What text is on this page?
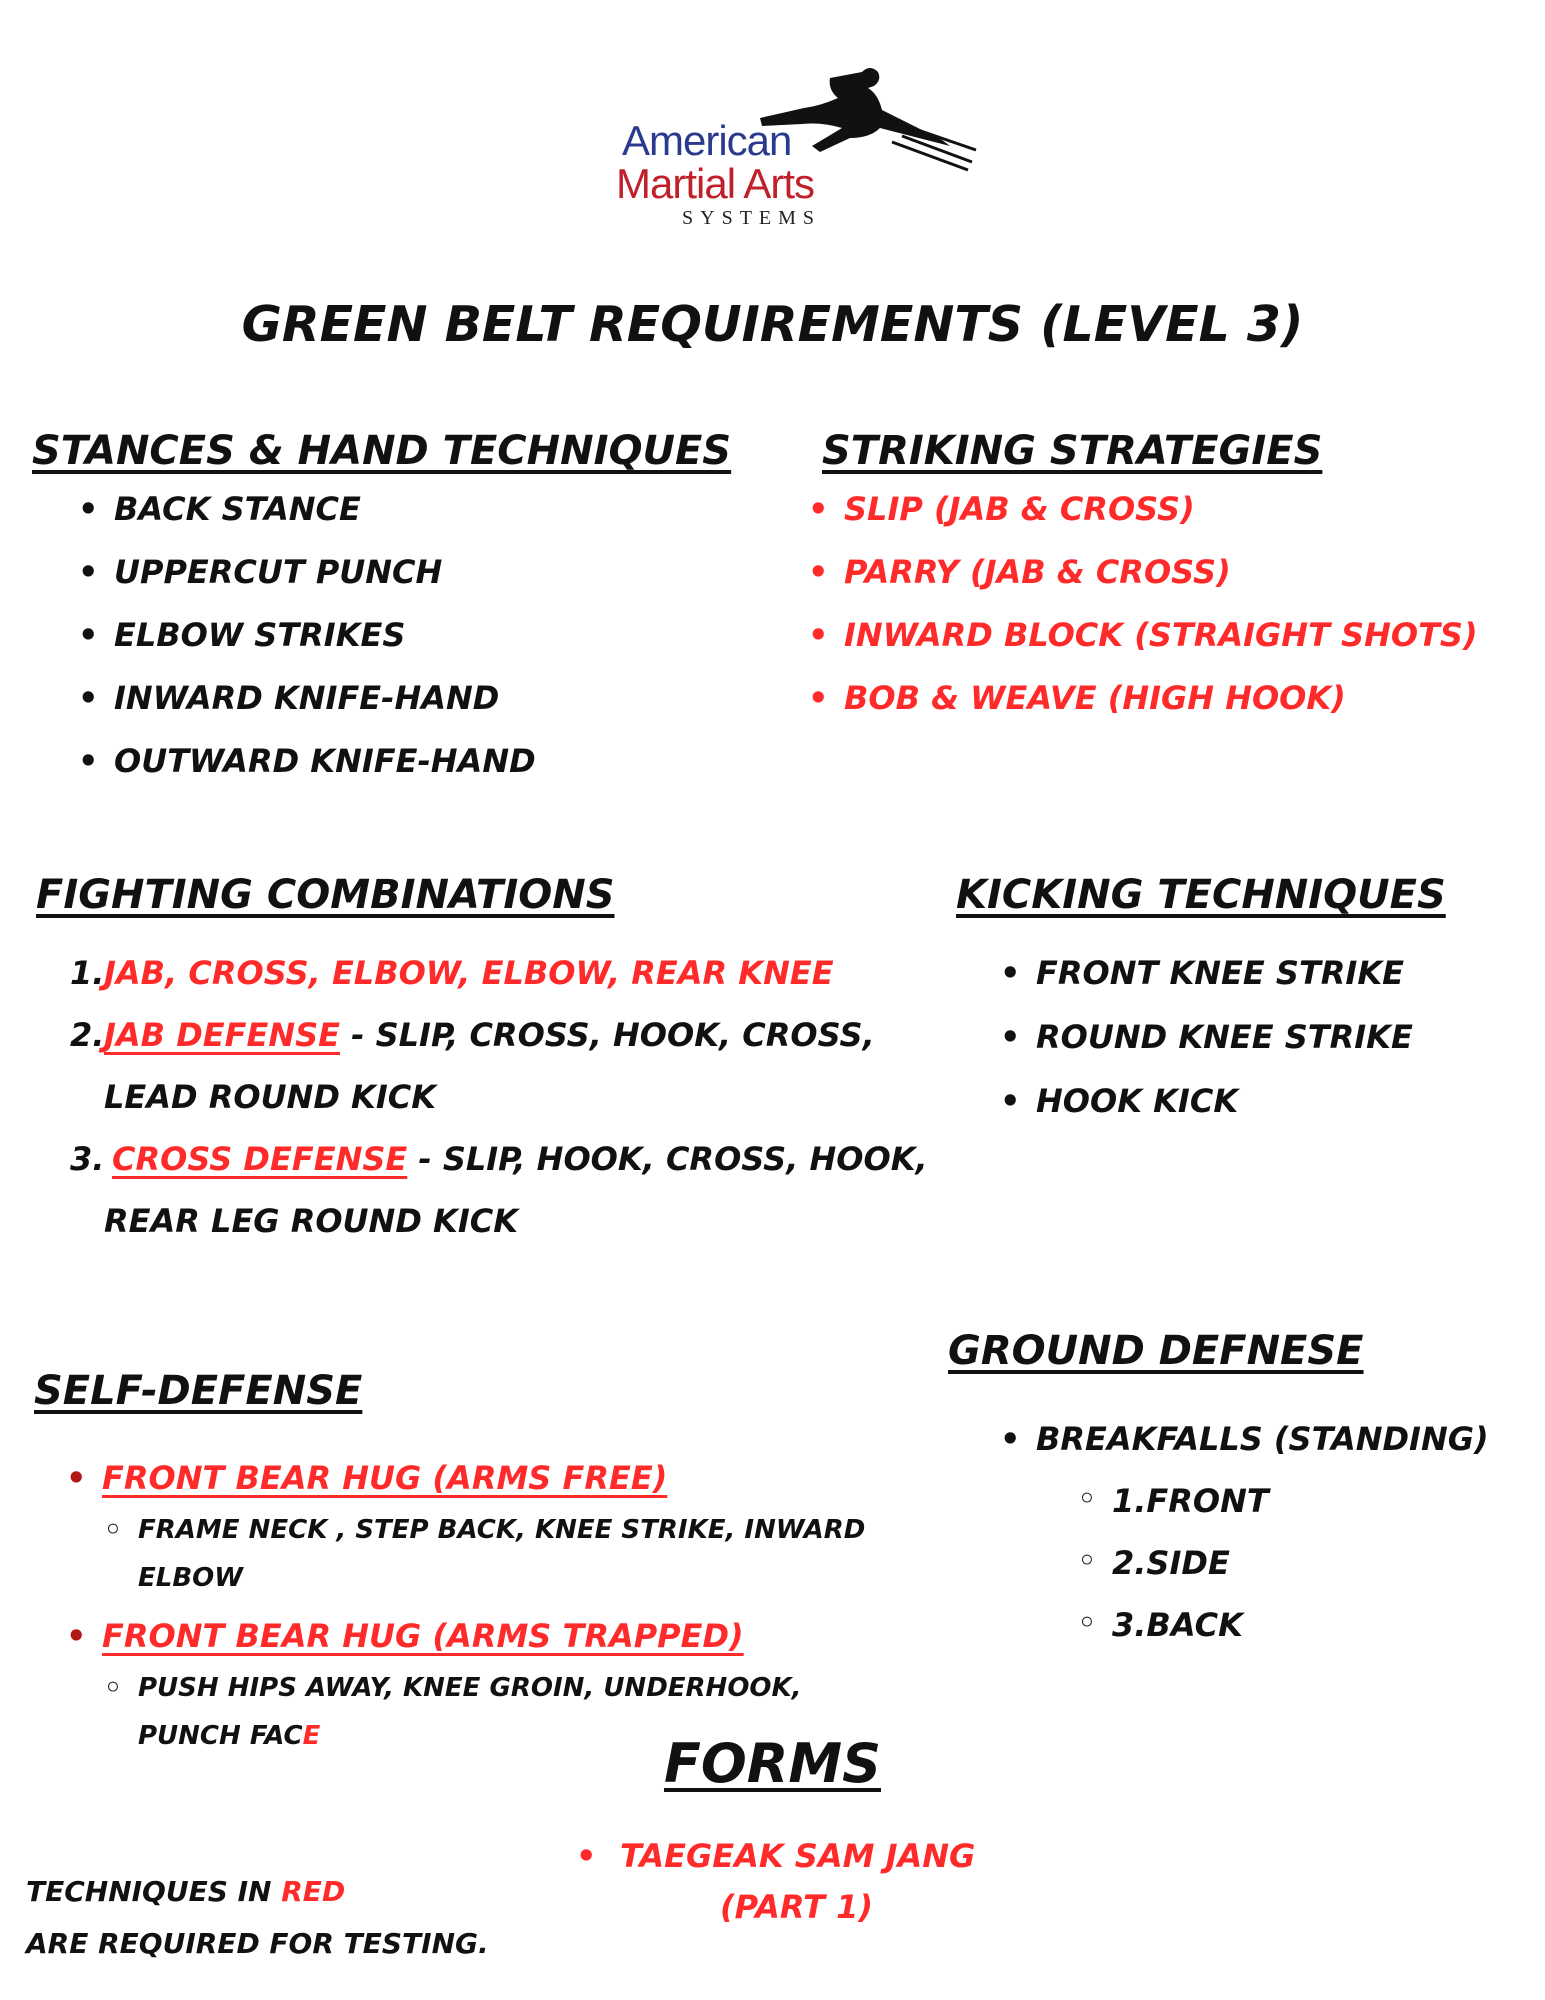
American
Martial Arts
SYSTEMS
GREEN BELT REQUIREMENTS (LEVEL 3)
STANCES & HAND TECHNIQUES
• BACK STANCE
• UPPERCUT PUNCH
• ELBOW STRIKES
• INWARD KNIFE-HAND
• OUTWARD KNIFE-HAND
STRIKING STRATEGIES
• SLIP (JAB & CROSS)
• PARRY (JAB & CROSS)
• INWARD BLOCK (STRAIGHT SHOTS)
• BOB & WEAVE (HIGH HOOK)
FIGHTING COMBINATIONS
1. JAB, CROSS, ELBOW, ELBOW, REAR KNEE
2. JAB DEFENSE - SLIP, CROSS, HOOK, CROSS,
LEAD ROUND KICK
3. CROSS DEFENSE - SLIP, HOOK, CROSS, HOOK,
REAR LEG ROUND KICK
KICKING TECHNIQUES
• FRONT KNEE STRIKE
• ROUND KNEE STRIKE
• HOOK KICK
GROUND DEFNESE
• BREAKFALLS (STANDING)
◦ 1.FRONT
◦ 2.SIDE
◦ 3.BACK
SELF-DEFENSE
• FRONT BEAR HUG (ARMS FREE)
◦ FRAME NECK , STEP BACK, KNEE STRIKE, INWARD ELBOW
• FRONT BEAR HUG (ARMS TRAPPED)
◦ PUSH HIPS AWAY, KNEE GROIN, UNDERHOOK, PUNCH FACE	FORMS
• TAEGEAK SAM JANG
(PART 1)
TECHNIQUES IN RED
ARE REQUIRED FOR TESTING.
